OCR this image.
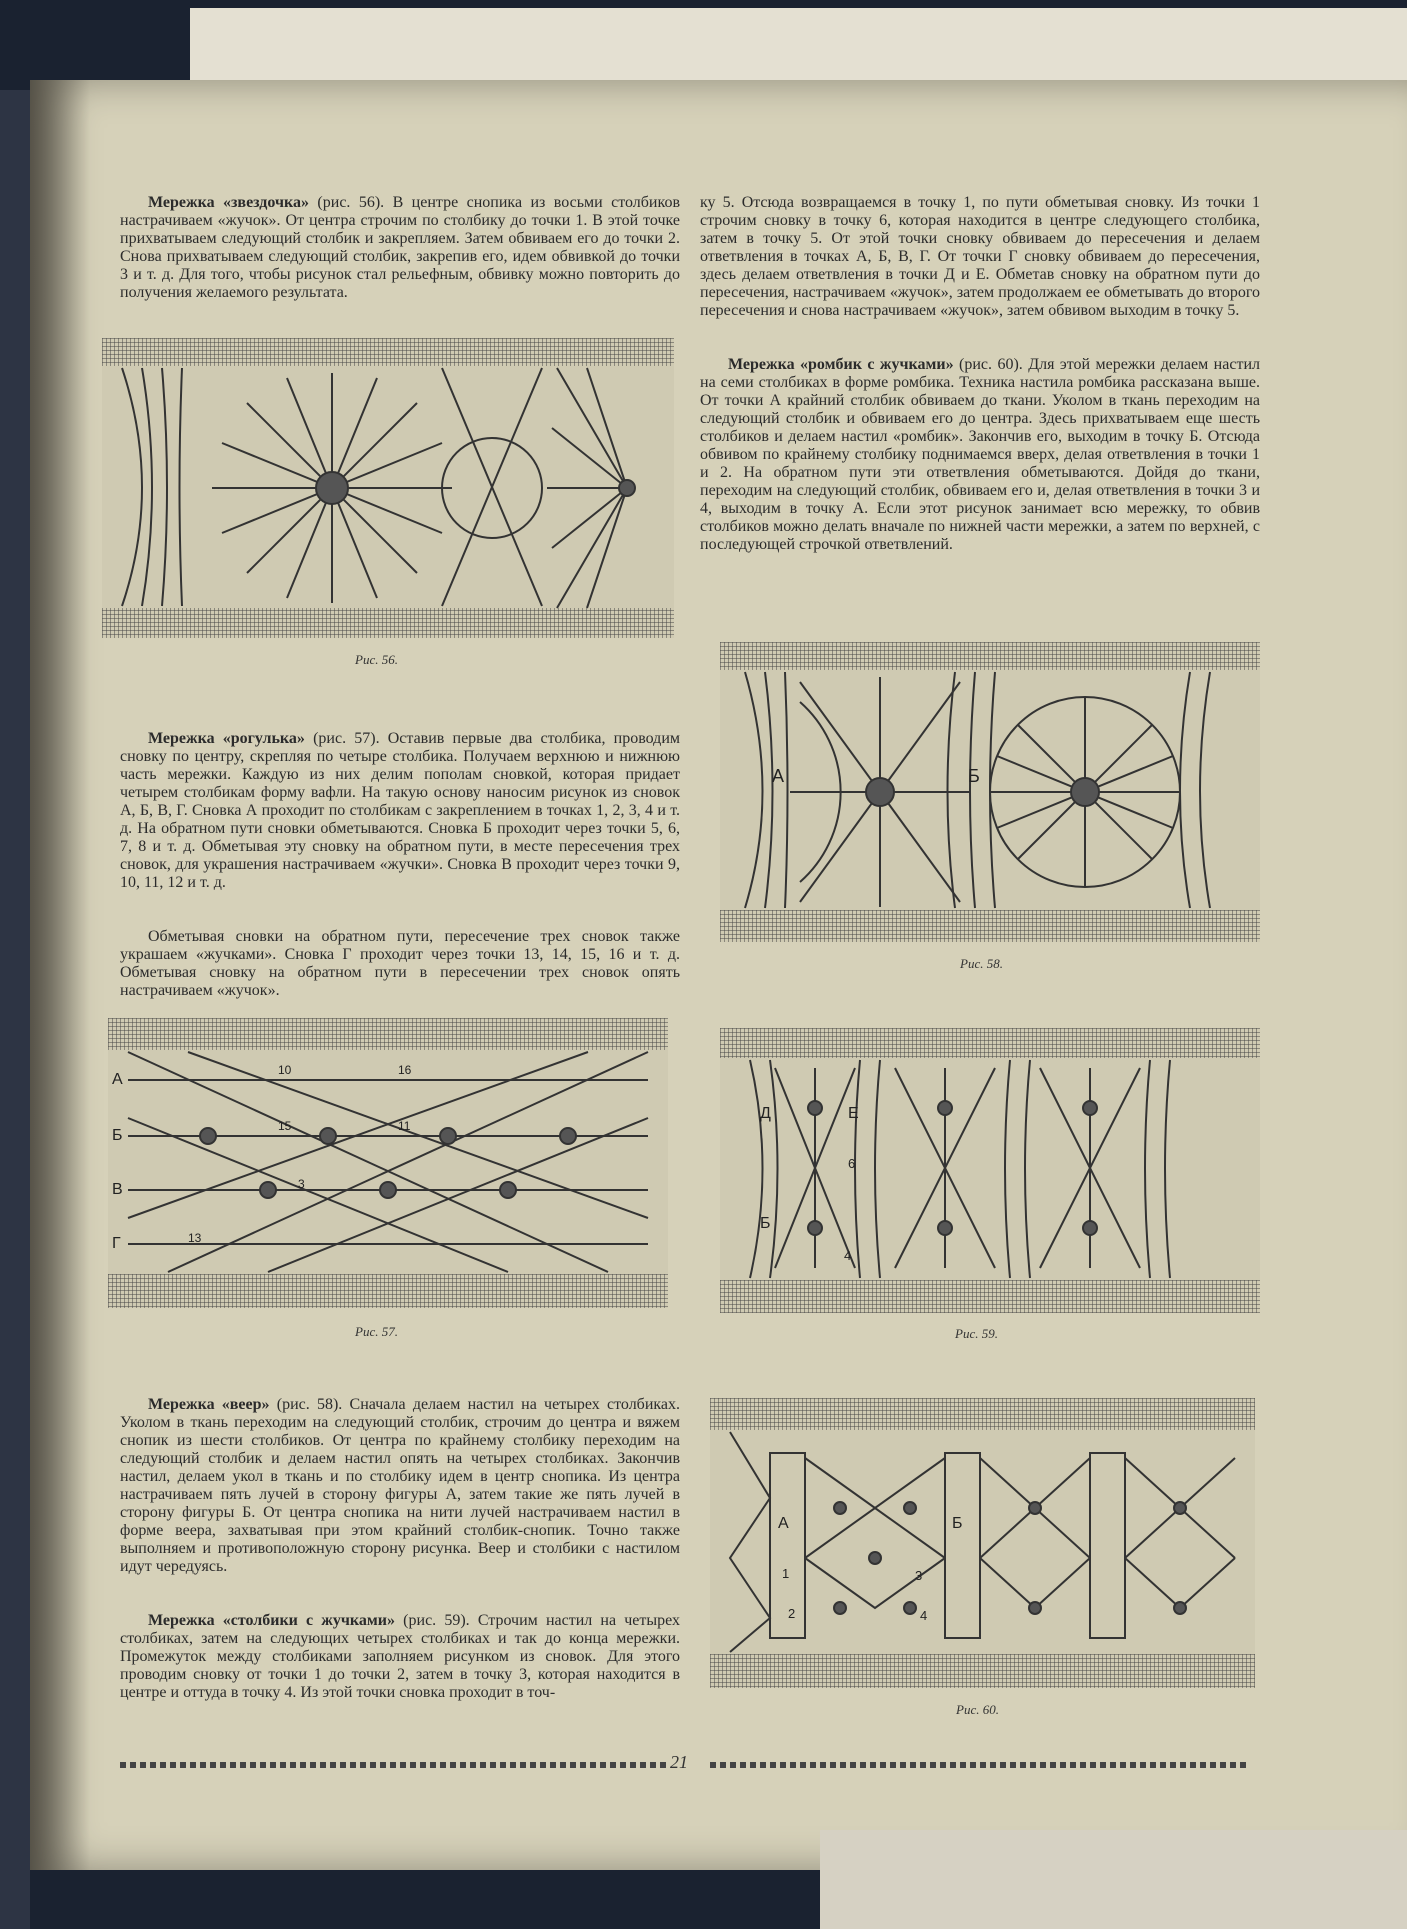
Мережка «звездочка» (рис. 56). В центре снопика из восьми столбиков настрачиваем «жучок». От центра строчим по столбику до точки 1. В этой точке прихватываем следующий столбик и закрепляем. Затем обвиваем его до точки 2. Снова прихватываем следующий столбик, закрепив его, идем обвивкой до точки 3 и т. д. Для того, чтобы рисунок стал рельефным, обвивку можно повторить до получения желаемого результата.

Рис. 56.

Мережка «рогулька» (рис. 57). Оставив первые два столбика, проводим сновку по центру, скрепляя по четыре столбика. Получаем верхнюю и нижнюю часть мережки. Каждую из них делим пополам сновкой, которая придает четырем столбикам форму вафли. На такую основу наносим рисунок из сновок А, Б, В, Г. Сновка А проходит по столбикам с закреплением в точках 1, 2, 3, 4 и т. д. На обратном пути сновки обметываются. Сновка Б проходит через точки 5, 6, 7, 8 и т. д. Обметывая эту сновку на обратном пути, в месте пересечения трех сновок, для украшения настрачиваем «жучки». Сновка В проходит через точки 9, 10, 11, 12 и т. д.

Обметывая сновки на обратном пути, пересечение трех сновок также украшаем «жучками». Сновка Г проходит через точки 13, 14, 15, 16 и т. д. Обметывая сновку на обратном пути в пересечении трех сновок опять настрачиваем «жучок».

А
Б
В
Г
10	16
15	11
3
13
Рис. 57.

Мережка «веер» (рис. 58). Сначала делаем настил на четырех столбиках. Уколом в ткань переходим на следующий столбик, строчим до центра и вяжем снопик из шести столбиков. От центра по крайнему столбику переходим на следующий столбик и делаем настил опять на четырех столбиках. Закончив настил, делаем укол в ткань и по столбику идем в центр снопика. Из центра настрачиваем пять лучей в сторону фигуры А, затем такие же пять лучей в сторону фигуры Б. От центра снопика на нити лучей настрачиваем настил в форме веера, захватывая при этом крайний столбик-снопик. Точно также выполняем и противоположную сторону рисунка. Веер и столбики с настилом идут чередуясь.

Мережка «столбики с жучками» (рис. 59). Строчим настил на четырех столбиках, затем на следующих четырех столбиках и так до конца мережки. Промежуток между столбиками заполняем рисунком из сновок. Для этого проводим сновку от точки 1 до точки 2, затем в точку 3, которая находится в центре и оттуда в точку 4. Из этой точки сновка проходит в точ-

ку 5. Отсюда возвращаемся в точку 1, по пути обметывая сновку. Из точки 1 строчим сновку в точку 6, которая находится в центре следующего столбика, затем в точку 5. От этой точки сновку обвиваем до пересечения и делаем ответвления в точках А, Б, В, Г. От точки Г сновку обвиваем до пересечения, здесь делаем ответвления в точки Д и Е. Обметав сновку на обратном пути до пересечения, настрачиваем «жучок», затем продолжаем ее обметывать до второго пересечения и снова настрачиваем «жучок», затем обвивом выходим в точку 5.

Мережка «ромбик с жучками» (рис. 60). Для этой мережки делаем настил на семи столбиках в форме ромбика. Техника настила ромбика рассказана выше. От точки А крайний столбик обвиваем до ткани. Уколом в ткань переходим на следующий столбик и обвиваем его до центра. Здесь прихватываем еще шесть столбиков и делаем настил «ромбик». Закончив его, выходим в точку Б. Отсюда обвивом по крайнему столбику поднимаемся вверх, делая ответвления в точки 1 и 2. На обратном пути эти ответвления обметываются. Дойдя до ткани, переходим на следующий столбик, обвиваем его и, делая ответвления в точки 3 и 4, выходим в точку А. Если этот рисунок занимает всю мережку, то обвив столбиков можно делать вначале по нижней части мережки, а затем по верхней, с последующей строчкой ответвлений.

А	Б
Рис. 58.
Д	Е
6
Б
4
Рис. 59.
А	Б
1
2
3
4
Рис. 60.
21
